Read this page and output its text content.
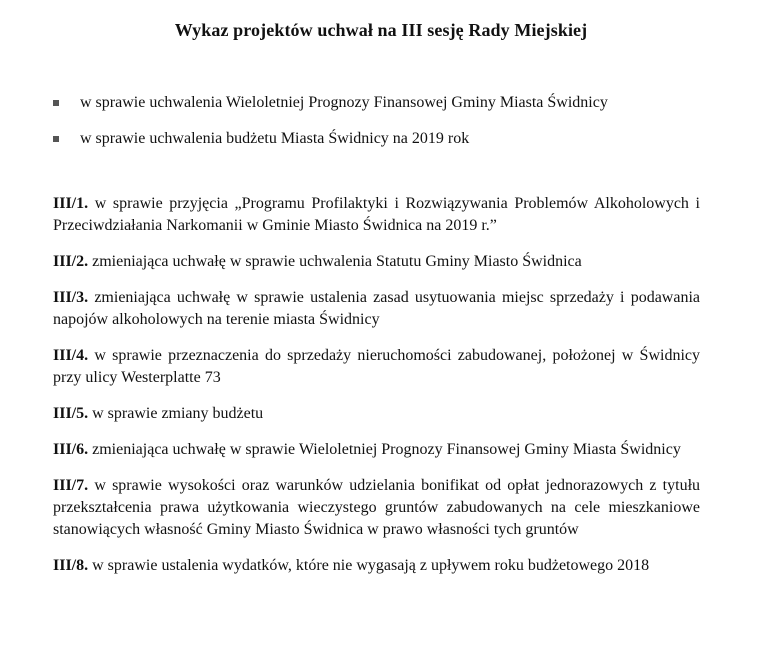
Wykaz projektów uchwał na III sesję Rady Miejskiej
w sprawie uchwalenia Wieloletniej Prognozy Finansowej Gminy Miasta Świdnicy
w sprawie uchwalenia budżetu Miasta Świdnicy na 2019 rok
III/1. w sprawie przyjęcia „Programu Profilaktyki i Rozwiązywania Problemów Alkoholowych i Przeciwdziałania Narkomanii w Gminie Miasto Świdnica na 2019 r.”
III/2. zmieniająca uchwałę w sprawie uchwalenia Statutu Gminy Miasto Świdnica
III/3. zmieniająca uchwałę w sprawie ustalenia zasad usytuowania miejsc sprzedaży i podawania napojów alkoholowych na terenie miasta Świdnicy
III/4. w sprawie przeznaczenia do sprzedaży nieruchomości zabudowanej, położonej w Świdnicy przy ulicy Westerplatte 73
III/5. w sprawie zmiany budżetu
III/6. zmieniająca uchwałę w sprawie Wieloletniej Prognozy Finansowej Gminy Miasta Świdnicy
III/7. w sprawie wysokości oraz warunków udzielania bonifikat od opłat jednorazowych z tytułu przekształcenia prawa użytkowania wieczystego gruntów zabudowanych na cele mieszkaniowe stanowiących własność Gminy Miasto Świdnica w prawo własności tych gruntów
III/8. w sprawie ustalenia wydatków, które nie wygasają z upływem roku budżetowego 2018
